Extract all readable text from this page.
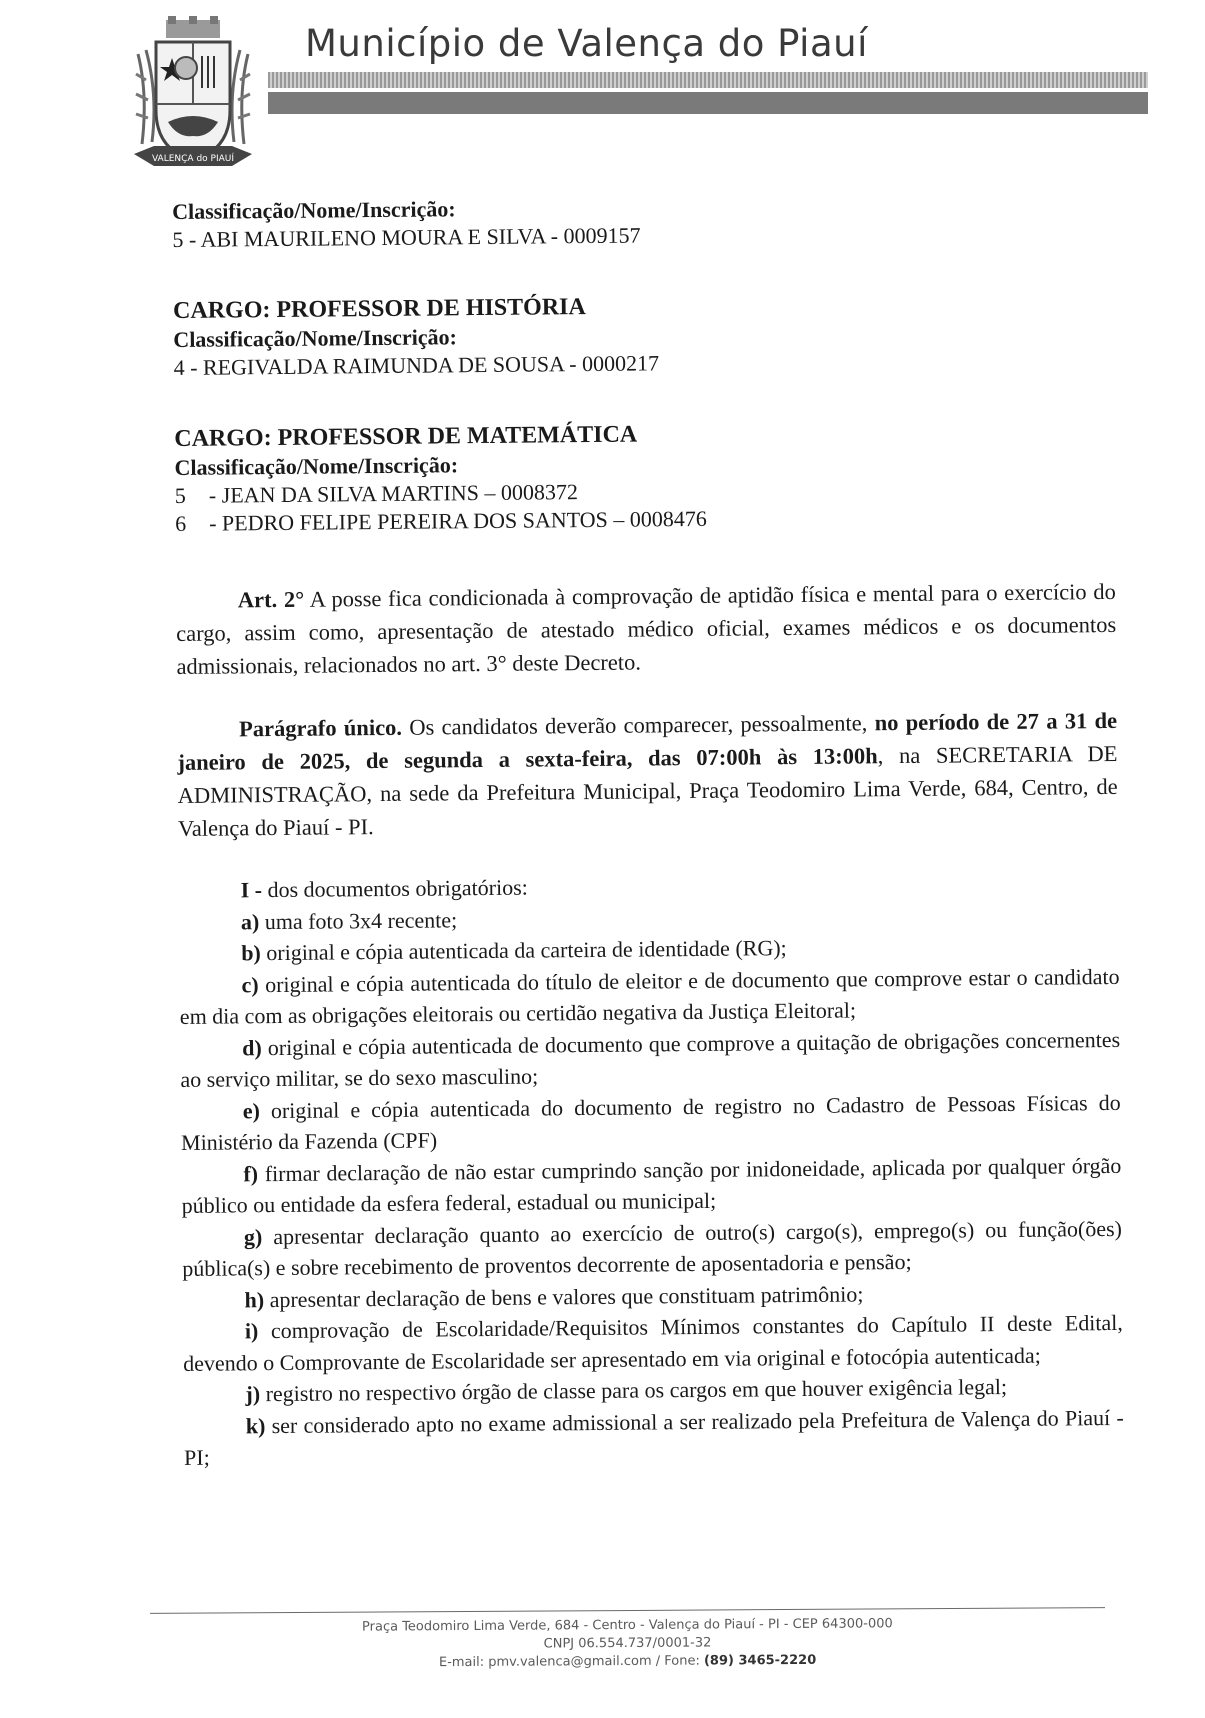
VALENÇA do PIAUÍ
Município de Valença do Piauí
Classificação/Nome/Inscrição:
5 - ABI MAURILENO MOURA E SILVA - 0009157
CARGO: PROFESSOR DE HISTÓRIA
Classificação/Nome/Inscrição:
4 - REGIVALDA RAIMUNDA DE SOUSA - 0000217
CARGO: PROFESSOR DE MATEMÁTICA
Classificação/Nome/Inscrição:
5 - JEAN DA SILVA MARTINS – 0008372
6 - PEDRO FELIPE PEREIRA DOS SANTOS – 0008476
Art. 2° A posse fica condicionada à comprovação de aptidão física e mental para o exercício do cargo, assim como, apresentação de atestado médico oficial, exames médicos e os documentos admissionais, relacionados no art. 3° deste Decreto.
Parágrafo único. Os candidatos deverão comparecer, pessoalmente, no período de 27 a 31 de janeiro de 2025, de segunda a sexta-feira, das 07:00h às 13:00h, na SECRETARIA DE ADMINISTRAÇÃO, na sede da Prefeitura Municipal, Praça Teodomiro Lima Verde, 684, Centro, de Valença do Piauí - PI.
I - dos documentos obrigatórios:
a) uma foto 3x4 recente;
b) original e cópia autenticada da carteira de identidade (RG);
c) original e cópia autenticada do título de eleitor e de documento que comprove estar o candidato em dia com as obrigações eleitorais ou certidão negativa da Justiça Eleitoral;
d) original e cópia autenticada de documento que comprove a quitação de obrigações concernentes ao serviço militar, se do sexo masculino;
e) original e cópia autenticada do documento de registro no Cadastro de Pessoas Físicas do Ministério da Fazenda (CPF)
f) firmar declaração de não estar cumprindo sanção por inidoneidade, aplicada por qualquer órgão público ou entidade da esfera federal, estadual ou municipal;
g) apresentar declaração quanto ao exercício de outro(s) cargo(s), emprego(s) ou função(ões) pública(s) e sobre recebimento de proventos decorrente de aposentadoria e pensão;
h) apresentar declaração de bens e valores que constituam patrimônio;
i) comprovação de Escolaridade/Requisitos Mínimos constantes do Capítulo II deste Edital, devendo o Comprovante de Escolaridade ser apresentado em via original e fotocópia autenticada;
j) registro no respectivo órgão de classe para os cargos em que houver exigência legal;
k) ser considerado apto no exame admissional a ser realizado pela Prefeitura de Valença do Piauí - PI;
Praça Teodomiro Lima Verde, 684 - Centro - Valença do Piauí - PI - CEP 64300-000
CNPJ 06.554.737/0001-32
E-mail: pmv.valenca@gmail.com / Fone: (89) 3465-2220
